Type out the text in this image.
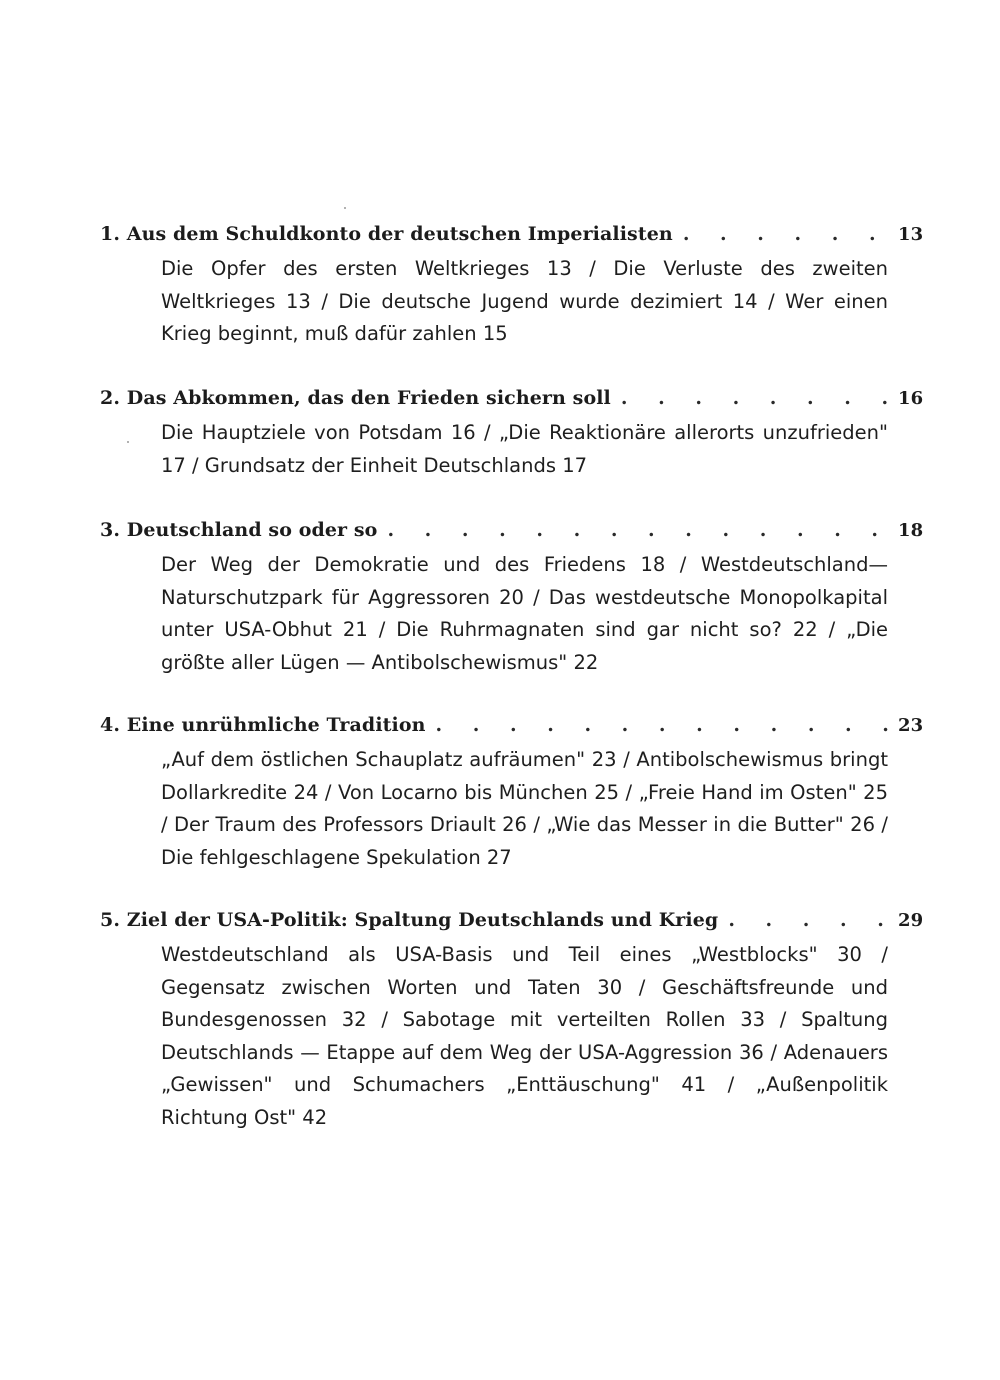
1. Aus dem Schuldkonto der deutschen Imperialisten . . .	13

Die Opfer des ersten Weltkrieges 13 / Die Verluste des zweiten Weltkrieges 13 / Die deutsche Jugend wurde dezimiert 14 / Wer einen Krieg beginnt, muß dafür zahlen 15

2. Das Abkommen, das den Frieden sichern soll . . .	16

Die Hauptziele von Potsdam 16 / „Die Reaktionäre allerorts unzufrieden" 17 / Grundsatz der Einheit Deutschlands 17

3. Deutschland so oder so . . .	18

Der Weg der Demokratie und des Friedens 18 / Westdeutschland—Naturschutzpark für Aggressoren 20 / Das westdeutsche Monopolkapital unter USA-Obhut 21 / Die Ruhrmagnaten sind gar nicht so? 22 / „Die größte aller Lügen — Antibolschewismus" 22

4. Eine unrühmliche Tradition . . .	23

„Auf dem östlichen Schauplatz aufräumen" 23 / Antibolschewismus bringt Dollarkredite 24 / Von Locarno bis München 25 / „Freie Hand im Osten" 25 / Der Traum des Professors Driault 26 / „Wie das Messer in die Butter" 26 / Die fehlgeschlagene Spekulation 27

5. Ziel der USA-Politik: Spaltung Deutschlands und Krieg . . .	29

Westdeutschland als USA-Basis und Teil eines „Westblocks" 30 / Gegensatz zwischen Worten und Taten 30 / Geschäftsfreunde und Bundesgenossen 32 / Sabotage mit verteilten Rollen 33 / Spaltung Deutschlands — Etappe auf dem Weg der USA-Aggression 36 / Adenauers „Gewissen" und Schumachers „Enttäuschung" 41 / „Außenpolitik Richtung Ost" 42
